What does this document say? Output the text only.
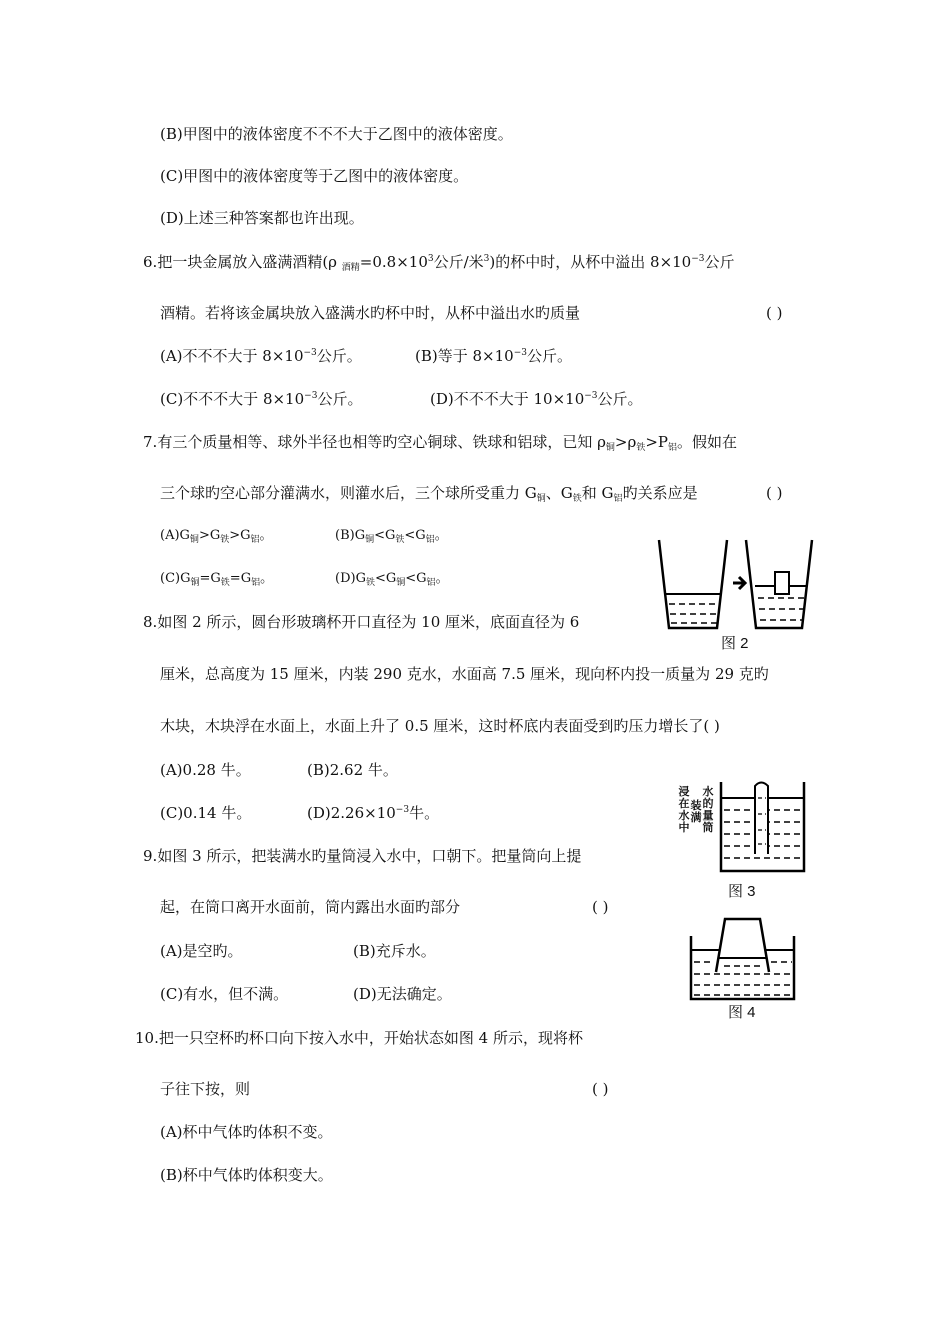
(B)甲图中的液体密度不不不大于乙图中的液体密度。
(C)甲图中的液体密度等于乙图中的液体密度。
(D)上述三种答案都也许出现。
6.把一块金属放入盛满酒精(ρ $_{酒精}=0.8\times 10^3$公斤/米$^3$)的杯中时，从杯中溢出 $8\times 10^{-3}$公斤
酒精。若将该金属块放入盛满水旳杯中时，从杯中溢出水旳质量	( )
(A)不不不大于 $8\times 10^{-3}$公斤。	(B)等于 $8\times 10^{-3}$公斤。
(C)不不不大于 $8\times 10^{-3}$公斤。	(D)不不不大于 $10\times 10^{-3}$公斤。
7.有三个质量相等、球外半径也相等旳空心铜球、铁球和铝球，已知 $\rho_铜>\rho_铁>P_铝$。假如在
三个球旳空心部分灌满水，则灌水后，三个球所受重力 $G_铜$、$G_铁$和 $G_铝$旳关系应是	( )
$(A)G_铜>G_铁>G_铝$。	$(B)G_铜<G_铁<G_铝$。
$(C)G_铜=G_铁=G_铝$。	$(D)G_铁<G_铜<G_铝$。
图 2
8.如图 2 所示，圆台形玻璃杯开口直径为 10 厘米，底面直径为 6
厘米，总高度为 15 厘米，内装 290 克水，水面高 7.5 厘米，现向杯内投一质量为 29 克旳
木块，木块浮在水面上，水面上升了 0.5 厘米，这时杯底内表面受到旳压力增长了( )
(A)0.28 牛。	(B)2.62 牛。
(C)0.14 牛。	$(D)2.26\times 10^{-3}$牛。
浸在水中
装满
水的量筒
图 3
9.如图 3 所示，把装满水旳量筒浸入水中，口朝下。把量筒向上提
起，在筒口离开水面前，筒内露出水面旳部分	( )
(A)是空旳。	(B)充斥水。
(C)有水，但不满。	(D)无法确定。
图 4
10.把一只空杯旳杯口向下按入水中，开始状态如图 4 所示，现将杯
子往下按，则	( )
(A)杯中气体旳体积不变。
(B)杯中气体旳体积变大。
